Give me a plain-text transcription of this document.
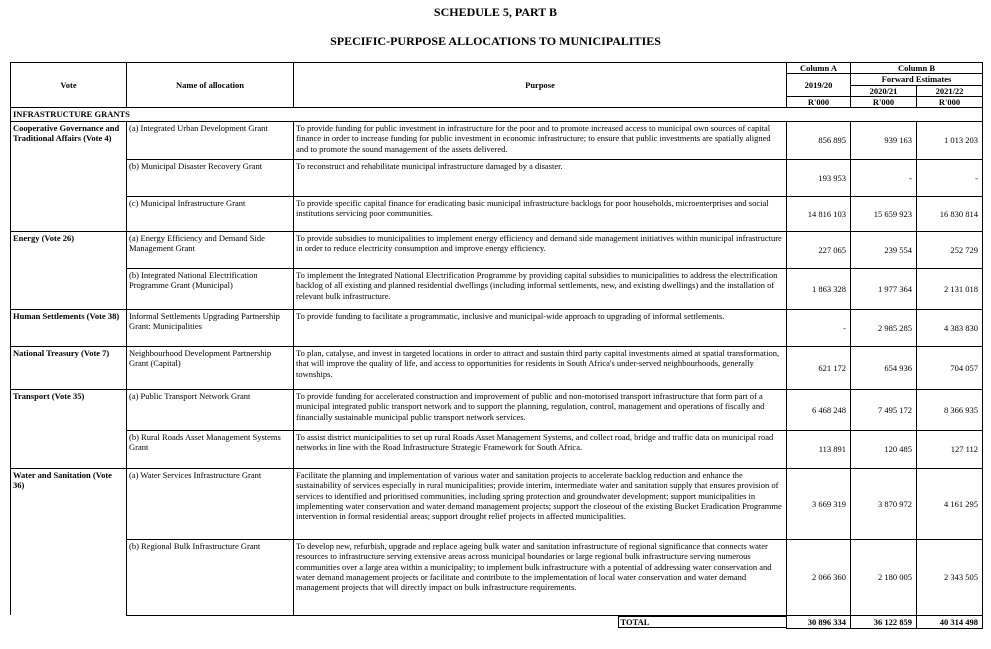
SCHEDULE 5, PART B
SPECIFIC-PURPOSE ALLOCATIONS TO MUNICIPALITIES
Vote	Name of allocation	Purpose	Column A	Column B	
			2019/20	Forward Estimates	
				2020/21	2021/22
			R'000	R'000	R'000
INFRASTRUCTURE GRANTS					
Cooperative Governance and Traditional Affairs (Vote 4)	(a) Integrated Urban Development Grant	To provide funding for public investment in infrastructure for the poor and to promote increased access to municipal own sources of capital finance in order to increase funding for public investment in economic infrastructure; to ensure that public investments are spatially aligned and to promote the sound management of the assets delivered.	856 895	939 163	1 013 203
	(b) Municipal Disaster Recovery Grant	To reconstruct and rehabilitate municipal infrastructure damaged by a disaster.	193 953	-	-
	(c) Municipal Infrastructure Grant	To provide specific capital finance for eradicating basic municipal infrastructure backlogs for poor households, microenterprises and social institutions servicing poor communities.	14 816 103	15 659 923	16 830 814
Energy (Vote 26)	(a) Energy Efficiency and Demand Side Management Grant	To provide subsidies to municipalities to implement energy efficiency and demand side management initiatives within municipal infrastructure in order to reduce electricity consumption and improve energy efficiency.	227 065	239 554	252 729
	(b) Integrated National Electrification Programme Grant (Municipal)	To implement the Integrated National Electrification Programme by providing capital subsidies to municipalities to address the electrification backlog of all existing and planned residential dwellings (including informal settlements, new, and existing dwellings) and the installation of relevant bulk infrastructure.	1 863 328	1 977 364	2 131 018
Human Settlements (Vote 38)	Informal Settlements Upgrading Partnership Grant: Municipalities	To provide funding to facilitate a programmatic, inclusive and municipal-wide approach to upgrading of informal settlements.	-	2 985 285	4 383 830
National Treasury (Vote 7)	Neighbourhood Development Partnership Grant (Capital)	To plan, catalyse, and invest in targeted locations in order to attract and sustain third party capital investments aimed at spatial transformation, that will improve the quality of life, and access to opportunities for residents in South Africa's under-served neighbourhoods, generally townships.	621 172	654 936	704 057
Transport (Vote 35)	(a) Public Transport Network Grant	To provide funding for accelerated construction and improvement of public and non-motorised transport infrastructure that form part of a municipal integrated public transport network and to support the planning, regulation, control, management and operations of fiscally and financially sustainable municipal public transport network services.	6 468 248	7 495 172	8 366 935
	(b) Rural Roads Asset Management Systems Grant	To assist district municipalities to set up rural Roads Asset Management Systems, and collect road, bridge and traffic data on municipal road networks in line with the Road Infrastructure Strategic Framework for South Africa.	113 891	120 485	127 112
Water and Sanitation (Vote 36)	(a) Water Services Infrastructure Grant	Facilitate the planning and implementation of various water and sanitation projects to accelerate backlog reduction and enhance the sustainability of services especially in rural municipalities; provide interim, intermediate water and sanitation supply that ensures provision of services to identified and prioritised communities, including spring protection and groundwater development; support municipalities in implementing water conservation and water demand management projects; support the closeout of the existing Bucket Eradication Programme intervention in formal residential areas; support drought relief projects in affected municipalities.	3 669 319	3 870 972	4 161 295
	(b) Regional Bulk Infrastructure Grant	To develop new, refurbish, upgrade and replace ageing bulk water and sanitation infrastructure of regional significance that connects water resources to infrastructure serving extensive areas across municipal boundaries or large regional bulk infrastructure serving numerous communities over a large area within a municipality; to implement bulk infrastructure with a potential of addressing water conservation and water demand management projects or facilitate and contribute to the implementation of local water conservation and water demand management projects that will directly impact on bulk infrastructure requirements.	2 066 360	2 180 005	2 343 505

		TOTAL	30 896 334	36 122 859	40 314 498
